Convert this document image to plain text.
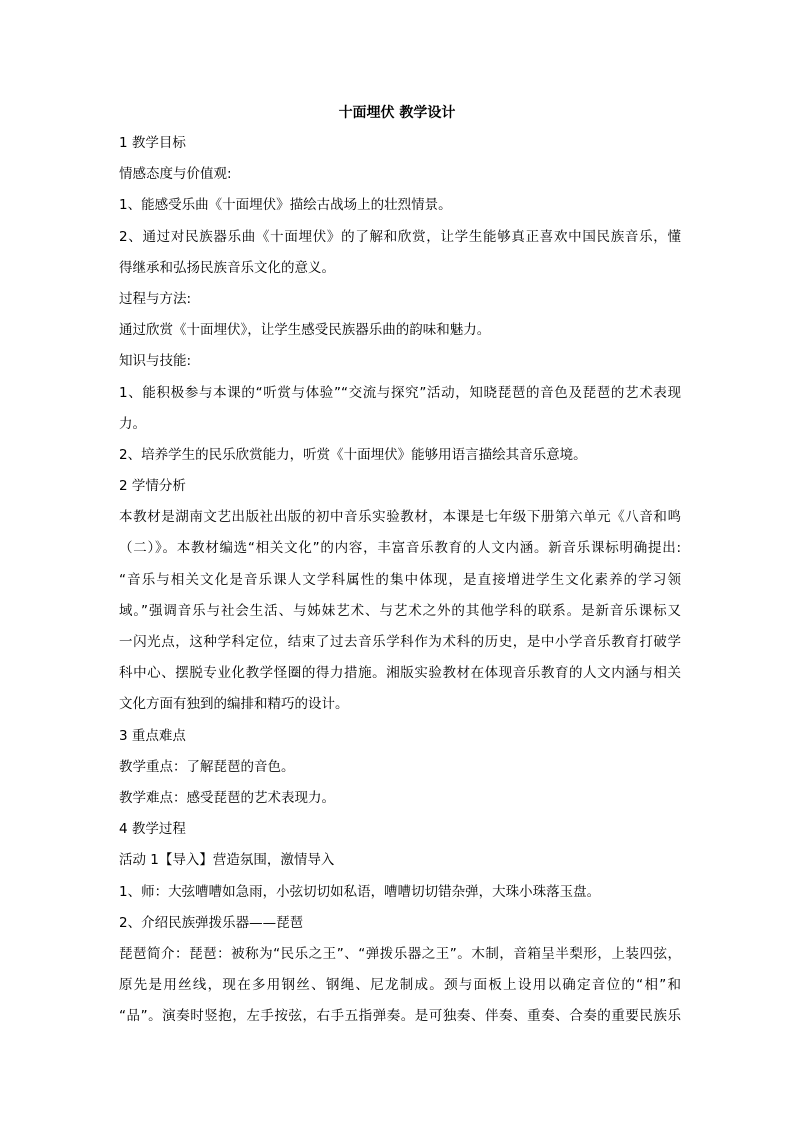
十面埋伏 教学设计

1 教学目标

情感态度与价值观:

1、能感受乐曲《十面埋伏》描绘古战场上的壮烈情景。

2、通过对民族器乐曲《十面埋伏》的了解和欣赏，让学生能够真正喜欢中国民族音乐，懂

得继承和弘扬民族音乐文化的意义。

过程与方法:

通过欣赏《十面埋伏》，让学生感受民族器乐曲的韵味和魅力。

知识与技能:

1、能积极参与本课的“听赏与体验”“交流与探究”活动，知晓琵琶的音色及琵琶的艺术表现

力。

2、培养学生的民乐欣赏能力，听赏《十面埋伏》能够用语言描绘其音乐意境。

2 学情分析

本教材是湖南文艺出版社出版的初中音乐实验教材，本课是七年级下册第六单元《八音和鸣

（二）》。本教材编选“相关文化”的内容，丰富音乐教育的人文内涵。新音乐课标明确提出:

“音乐与相关文化是音乐课人文学科属性的集中体现，是直接增进学生文化素养的学习领

域。”强调音乐与社会生活、与姊妹艺术、与艺术之外的其他学科的联系。是新音乐课标又

一闪光点，这种学科定位，结束了过去音乐学科作为术科的历史，是中小学音乐教育打破学

科中心、摆脱专业化教学怪圈的得力措施。湘版实验教材在体现音乐教育的人文内涵与相关

文化方面有独到的编排和精巧的设计。

3 重点难点

教学重点：了解琵琶的音色。

教学难点：感受琵琶的艺术表现力。

4 教学过程

活动 1【导入】营造氛围，激情导入

1、师：大弦嘈嘈如急雨，小弦切切如私语，嘈嘈切切错杂弹，大珠小珠落玉盘。

2、介绍民族弹拨乐器——琵琶

琵琶简介：琵琶：被称为“民乐之王”、“弹拨乐器之王”。木制，音箱呈半梨形，上装四弦，

原先是用丝线，现在多用钢丝、钢绳、尼龙制成。颈与面板上设用以确定音位的“相”和

“品”。演奏时竖抱，左手按弦，右手五指弹奏。是可独奏、伴奏、重奏、合奏的重要民族乐
